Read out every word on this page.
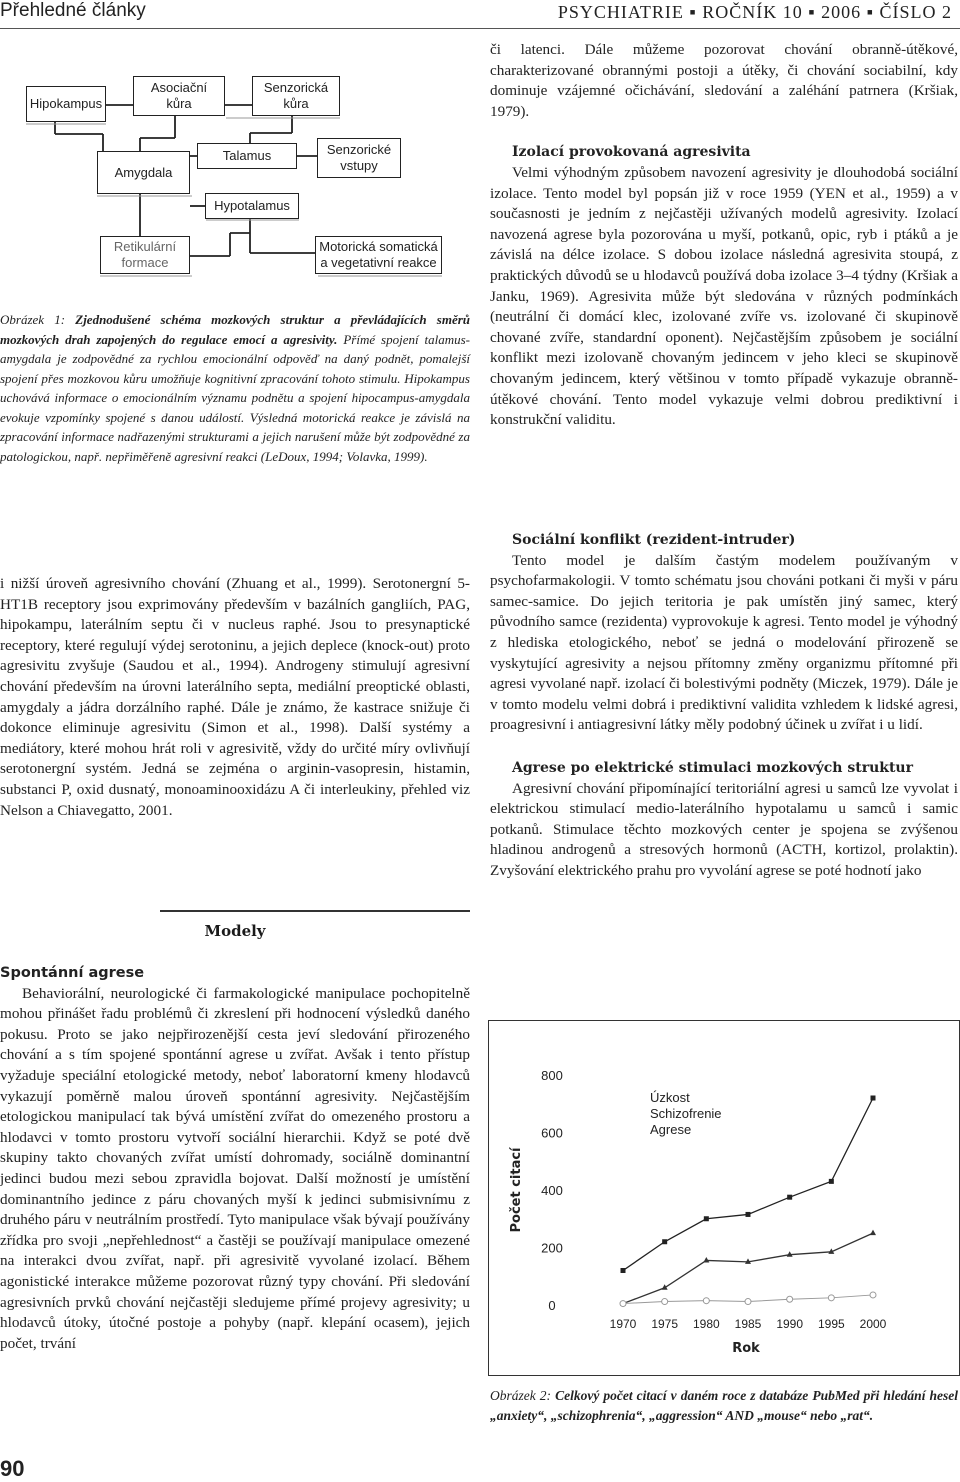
Přehledné články	PSYCHIATRIE ▪ ROČNÍK 10 ▪ 2006 ▪ ČÍSLO 2
Hipokampus
Asociační kůra
Senzorická kůra
Amygdala
Talamus	Senzorické vstupy
Hypotalamus
Retikulární formace
Motorická somatická a vegetativní reakce
Obrázek 1: Zjednodušené schéma mozkových struktur a převládajících směrů mozkových drah zapojených do regulace emocí a agresivity. Přímé spojení talamus-amygdala je zodpovědné za rychlou emocionální odpověď na daný podnět, pomalejší spojení přes mozkovou kůru umožňuje kognitivní zpracování tohoto stimulu. Hipokampus uchovává informace o emocionálním významu podnětu a spojení hipocampus-amygdala evokuje vzpomínky spojené s danou událostí. Výsledná motorická reakce je závislá na zpracování informace nadřazenými strukturami a jejich narušení může být zodpovědné za patologickou, např. nepřiměřeně agresivní reakci (LeDoux, 1994; Volavka, 1999).

i nižší úroveň agresivního chování (Zhuang et al., 1999). Serotonergní 5-HT1B receptory jsou exprimovány především v bazálních gangliích, PAG, hipokampu, laterálním septu či v nucleus raphé. Jsou to presynaptické receptory, které regulují výdej serotoninu, a jejich deplece (knock-out) proto agresivitu zvyšuje (Saudou et al., 1994). Androgeny stimulují agresivní chování především na úrovni laterálního septa, mediální preoptické oblasti, amygdaly a jádra dorzálního raphé. Dále je známo, že kastrace snižuje či dokonce eliminuje agresivitu (Simon et al., 1998). Další systémy a mediátory, které mohou hrát roli v agresivitě, vždy do určité míry ovlivňují serotonergní systém. Jedná se zejména o arginin-vasopresin, histamin, substanci P, oxid dusnatý, monoaminooxidázu A či interleukiny, přehled viz Nelson a Chiavegatto, 2001.

Modely

Spontánní agrese

Behaviorální, neurologické či farmakologické manipulace pochopitelně mohou přinášet řadu problémů či zkreslení při hodnocení výsledků daného pokusu. Proto se jako nejpřirozenější cesta jeví sledování přirozeného chování a s tím spojené spontánní agrese u zvířat. Avšak i tento přístup vyžaduje speciální etologické metody, neboť laboratorní kmeny hlodavců vykazují poměrně malou úroveň spontánní agresivity. Nejčastějším etologickou manipulací tak bývá umístění zvířat do omezeného prostoru a hlodavci v tomto prostoru vytvoří sociální hierarchii. Když se poté dvě skupiny takto chovaných zvířat umístí dohromady, sociálně dominantní jedinci budou mezi sebou zpravidla bojovat. Další možností je umístění dominantního jedince z páru chovaných myší k jedinci submisivnímu z druhého páru v neutrálním prostředí. Tyto manipulace však bývají používány zřídka pro svoji „nepřehlednost“ a častěji se používají manipulace omezené na interakci dvou zvířat, např. při agresivitě vyvolané izolací. Během agonistické interakce můžeme pozorovat různý typy chování. Při sledování agresivních prvků chování nejčastěji sledujeme přímé projevy agresivity; u hlodavců útoky, útočné postoje a pohyby (např. klepání ocasem), jejich počet, trvání

či latenci. Dále můžeme pozorovat chování obranně-útěkové, charakterizované obrannými postoji a útěky, či chování sociabilní, kdy dominuje vzájemné očichávání, sledování a zaléhání patrnera (Kršiak, 1979).

Izolací provokovaná agresivita

Velmi výhodným způsobem navození agresivity je dlouhodobá sociální izolace. Tento model byl popsán již v roce 1959 (YEN et al., 1959) a v současnosti je jedním z nejčastěji užívaných modelů agresivity. Izolací navozená agrese byla pozorována u myší, potkanů, opic, ryb i ptáků a je závislá na délce izolace. S dobou izolace následná agresivita stoupá, z praktických důvodů se u hlodavců používá doba izolace 3–4 týdny (Kršiak a Janku, 1969). Agresivita může být sledována v různých podmínkách (neutrální či domácí klec, izolované zvíře vs. izolované či skupinově chované zvíře, standardní oponent). Nejčastějším způsobem je sociální konflikt mezi izolovaně chovaným jedincem v jeho kleci se skupinově chovaným jedincem, který většinou v tomto případě vykazuje obranně-útěkové chování. Tento model vykazuje velmi dobrou prediktivní i konstrukční validitu.

Sociální konflikt (rezident-intruder)

Tento model je dalším častým modelem používaným v psychofarmakologii. V tomto schématu jsou chováni potkani či myši v páru samec-samice. Do jejich teritoria je pak umístěn jiný samec, který původního samce (rezidenta) vyprovokuje k agresi. Tento model je výhodný z hlediska etologického, neboť se jedná o modelování přirozeně se vyskytující agresivity a nejsou přítomny změny organizmu přítomné při agresi vyvolané např. izolací či bolestivými podněty (Miczek, 1979). Dále je v tomto modelu velmi dobrá i prediktivní validita vzhledem k lidské agresi, proagresivní i antiagresivní látky měly podobný účinek u zvířat i u lidí.

Agrese po elektrické stimulaci mozkových struktur

Agresivní chování připomínající teritoriální agresi u samců lze vyvolat i elektrickou stimulací medio-laterálního hypotalamu u samců i samic potkanů. Stimulace těchto mozkových center je spojena se zvýšenou hladinou androgenů a stresových hormonů (ACTH, kortizol, prolaktin). Zvyšování elektrického prahu pro vyvolání agrese se poté hodnotí jako

800
600
400
200
0
Počet citací
1970 1975 1980 1985 1990 1995 2000
Rok
Úzkost
Schizofrenie
Agrese
Obrázek 2: Celkový počet citací v daném roce z databáze PubMed při hledání hesel „anxiety“, „schizophrenia“, „aggression“ AND „mouse“ nebo „rat“.
90
